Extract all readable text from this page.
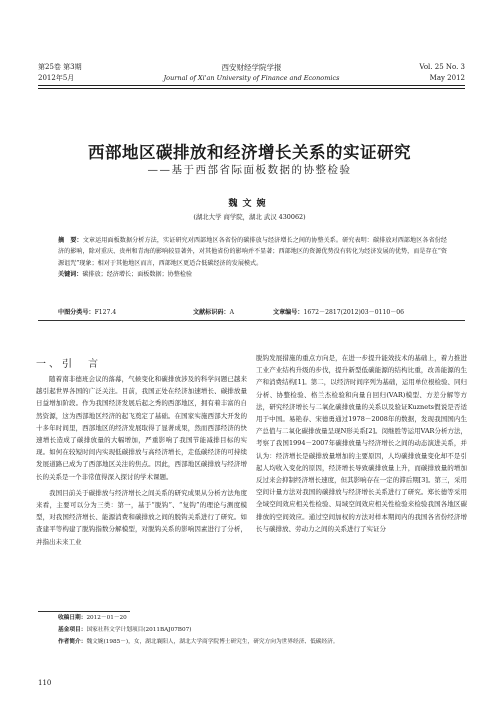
第25卷 第3期
2012年5月
西安财经学院学报
Journal of Xi'an University of Finance and Economics
Vol. 25 No. 3
May 2012
西部地区碳排放和经济增长关系的实证研究
——基于西部省际面板数据的协整检验
魏文婉
(湖北大学 商学院，湖北 武汉 430062)
摘　要：文章运用面板数据分析方法，实证研究对西部地区各省份的碳排放与经济增长之间的协整关系。研究表明：碳排放对西部地区各省份经济的影响，除对重庆、贵州和青海的影响较显著外，对其他省份的影响并不显著；西部地区的资源优势没有转化为经济发展的优势，而是存在“资源诅咒”现象；相对于其他地区而言，西部地区更适合低碳经济的发展模式。
关键词：碳排放；经济增长；面板数据；协整检验
中图分类号：F127.4	文献标识码：A	文章编号：1672－2817(2012)03－0110－06
一、引　言

随着南非德班会议的落幕，气候变化和碳排放涉及的科学问题已越来越引起世界各国的广泛关注。目前，我国正处在经济加速增长、碳排放量日益增加阶段。作为我国经济发展后起之秀的西部地区，拥有着丰富的自然资源，这为西部地区经济的起飞奠定了基础。在国家实施西部大开发的十多年时间里，西部地区的经济发展取得了显著成果，然而西部经济的快速增长造成了碳排放量的大幅增加，严重影响了我国节能减排目标的实现。如何在较短时间内实现低碳排放与高经济增长，走低碳经济的可持续发展道路已成为了西部地区关注的焦点。因此，西部地区碳排放与经济增长的关系是一个非常值得深入探讨的学术课题。

我国目前关于碳排放与经济增长之间关系的研究成果从分析方法角度来看，主要可以分为三类：第一，基于“脱钩”、“复钩”的理论与测度模型，对我国经济增长、能源消费和碳排放之间的脱钩关系进行了研究。如查建平等构建了脱钩指数分解模型，对脱钩关系的影响因素进行了分析，并指出未来工业

脱钩发展措施的重点方向是，在进一步提升能效技术的基础上，着力推进工业产业结构升级的步伐，提升新型低碳能源的结构比重，改善能源的生产和消费结构[1]。第二，以经济时间序列为基础，运用单位根检验、同归分析、协整检验、格兰杰检验和向量自回归(VAR)模型、方差分解等方法，研究经济增长与二氧化碳排放量的关系以及验证Kuznets假说是否适用于中国。易艳春、宋德勇通过1978－2008年的数据，发现我国国内生产总值与二氧化碳排放量呈现N形关系[2]。闵继胜等运用VAR分析方法，考察了我国1994－2007年碳排放量与经济增长之间的动态演进关系，并认为：经济增长是碳排放量增加的主要原因，人均碳排放量变化却不是引起人均收入变化的原因，经济增长导致碳排放量上升，而碳排放量的增加反过来会抑制经济增长速度，但其影响存在一定的滞后期[3]。第三，采用空间计量方法对我国的碳排放与经济增长关系进行了研究。郑长德等采用全域空间效应相关性检验、局域空间效应相关性检验来检验我国各地区碳排放的空间效应。通过空间加权的方法对样本期间内的我国各省份经济增长与碳排放、劳动力之间的关系进行了实证分

收稿日期：2012－01－20
基金项目：国家社科文学计划项目(2011BAJ07B07)
作者简介：魏文婉(1985－)，女，湖北襄阳人，湖北大学商学院博士研究生，研究方向为世界经济、低碳经济。
110
